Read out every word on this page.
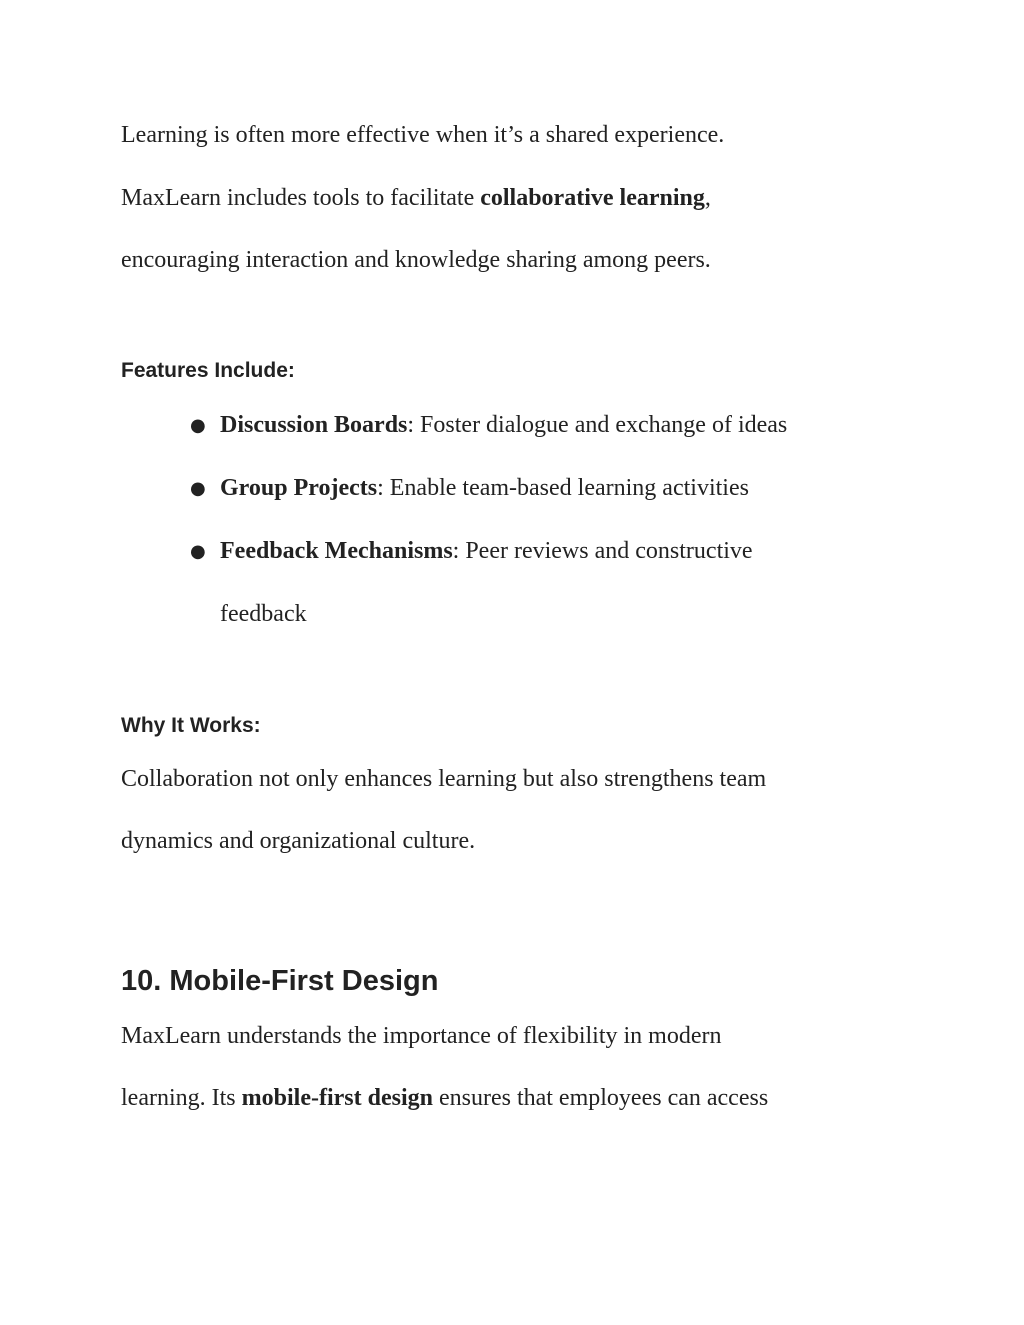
Learning is often more effective when it’s a shared experience.
MaxLearn includes tools to facilitate collaborative learning,
encouraging interaction and knowledge sharing among peers.
Features Include:
● Discussion Boards: Foster dialogue and exchange of ideas
● Group Projects: Enable team-based learning activities
● Feedback Mechanisms: Peer reviews and constructive
feedback
Why It Works:
Collaboration not only enhances learning but also strengthens team
dynamics and organizational culture.
10. Mobile-First Design
MaxLearn understands the importance of flexibility in modern
learning. Its mobile-first design ensures that employees can access
